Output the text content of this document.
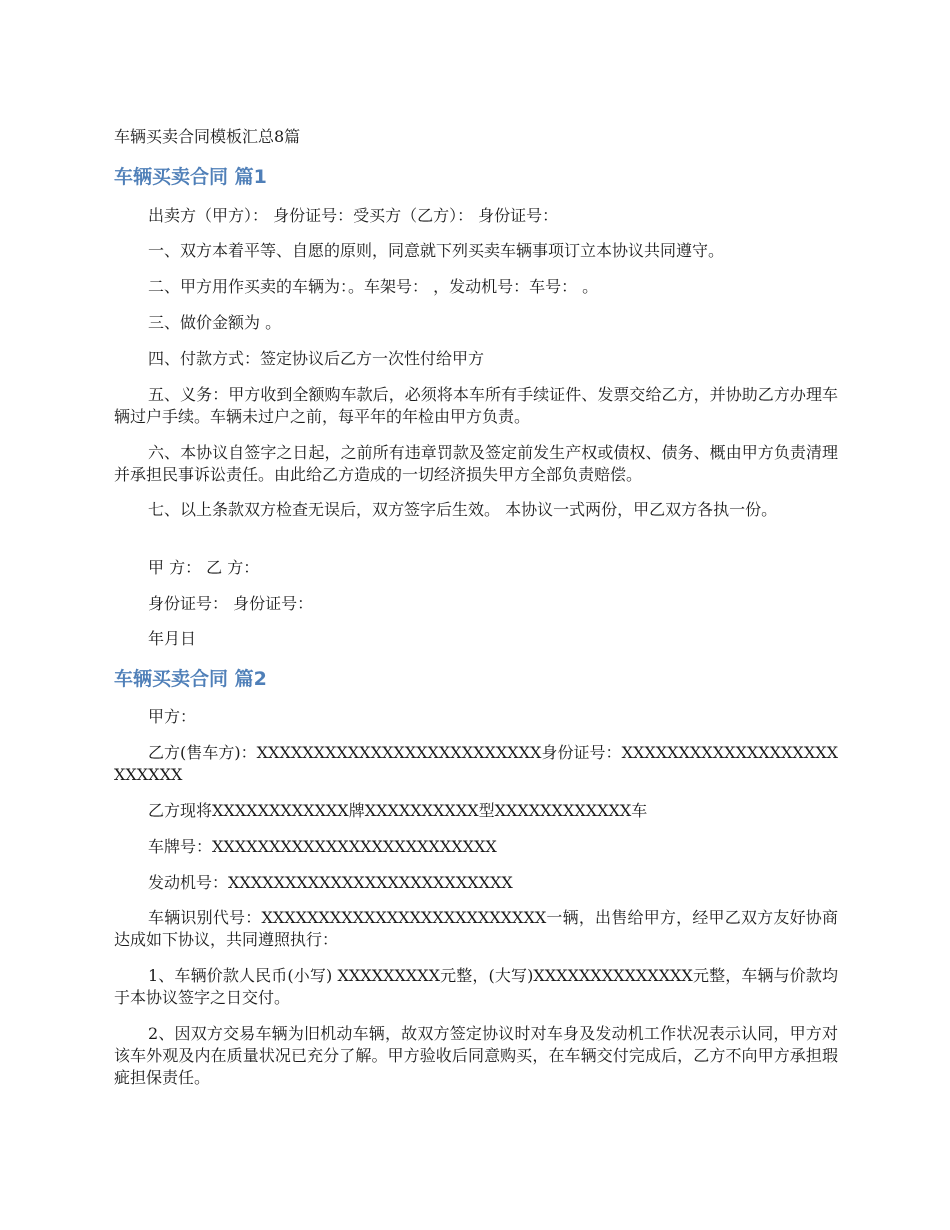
车辆买卖合同模板汇总8篇
车辆买卖合同 篇1

出卖方（甲方）： 身份证号：受买方（乙方）： 身份证号：

一、双方本着平等、自愿的原则，同意就下列买卖车辆事项订立本协议共同遵守。

二、甲方用作买卖的车辆为：。车架号： ，发动机号：车号： 。

三、做价金额为 。

四、付款方式：签定协议后乙方一次性付给甲方

五、义务：甲方收到全额购车款后，必须将本车所有手续证件、发票交给乙方，并协助乙方办理车辆过户手续。车辆未过户之前，每平年的年检由甲方负责。

六、本协议自签字之日起，之前所有违章罚款及签定前发生产权或债权、债务、概由甲方负责清理并承担民事诉讼责任。由此给乙方造成的一切经济损失甲方全部负责赔偿。

七、以上条款双方检查无误后，双方签字后生效。 本协议一式两份，甲乙双方各执一份。

甲 方： 乙 方：

身份证号： 身份证号：

年月日

车辆买卖合同 篇2

甲方：

乙方(售车方)：XXXXXXXXXXXXXXXXXXXXXXXXX身份证号：XXXXXXXXXXXXXXXXXXXXXXXXX

乙方现将XXXXXXXXXXXX牌XXXXXXXXXX型XXXXXXXXXXXX车

车牌号：XXXXXXXXXXXXXXXXXXXXXXXXX

发动机号：XXXXXXXXXXXXXXXXXXXXXXXXX

车辆识别代号：XXXXXXXXXXXXXXXXXXXXXXXXX一辆，出售给甲方，经甲乙双方友好协商达成如下协议，共同遵照执行：

1、车辆价款人民币(小写) XXXXXXXXX元整，(大写)XXXXXXXXXXXXXX元整，车辆与价款均于本协议签字之日交付。

2、因双方交易车辆为旧机动车辆，故双方签定协议时对车身及发动机工作状况表示认同，甲方对该车外观及内在质量状况已充分了解。甲方验收后同意购买，在车辆交付完成后，乙方不向甲方承担瑕疵担保责任。
